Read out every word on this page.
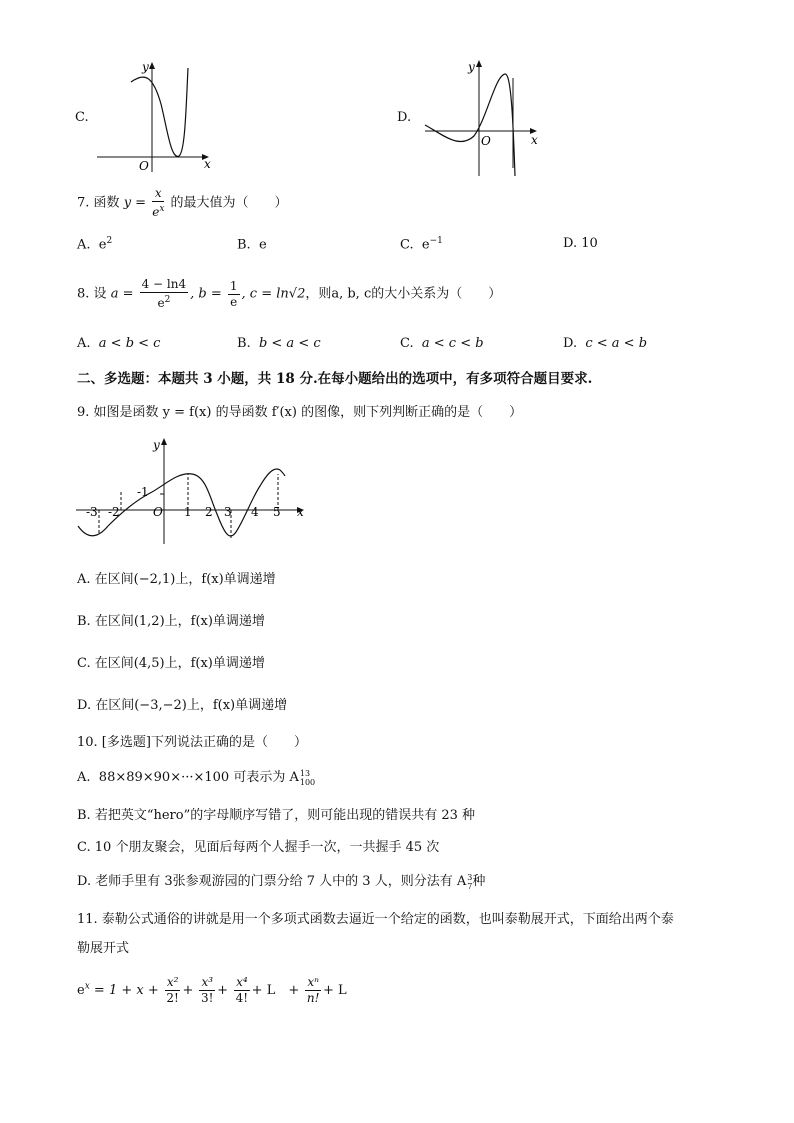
C.
y
x
O
D.
y
x
O
7. 函数 $y = \frac{x}{e^x}$ 的最大值为（　　）
A. $e^2$	B. e	C. $e^{-1}$	D. 10
8. 设 $a = \frac{4 - \ln 4}{e^2}$ , $b = \frac{1}{e}$ , c = ln√2，则a, b, c的大小关系为（　　）
A. a < b < c	B. b < a < c	C. a < c < b	D. c < a < b
二、多选题：本题共 3 小题，共 18 分.在每小题给出的选项中，有多项符合题目要求.
9. 如图是函数 y = f(x) 的导函数 f′(x) 的图像，则下列判断正确的是（　　）
y
x
O
-1
-3 -2	1 2 3 4 5
A. 在区间(−2,1)上，f(x)单调递增
B. 在区间(1,2)上，f(x)单调递增
C. 在区间(4,5)上，f(x)单调递增
D. 在区间(−3,−2)上，f(x)单调递增
10. [多选题]下列说法正确的是（　　）
A. 88×89×90×···×100 可表示为 A 13
100
B. 若把英文“hero”的字母顺序写错了，则可能出现的错误共有 23 种
C. 10 个朋友聚会，见面后每两个人握手一次，一共握手 45 次
D. 老师手里有 3张参观游园的门票分给 7 人中的 3 人，则分法有 A 3
7 种
11. 泰勒公式通俗的讲就是用一个多项式函数去逼近一个给定的函数，也叫泰勒展开式，下面给出两个泰
勒展开式
$e^x = 1 + x + \frac{\text{x²}}{2!} + \frac{\text{x³}}{3!} + \frac{\text{x⁴}}{4!} + L$　+ $\frac{\text{xⁿ}}{n!} + L$
